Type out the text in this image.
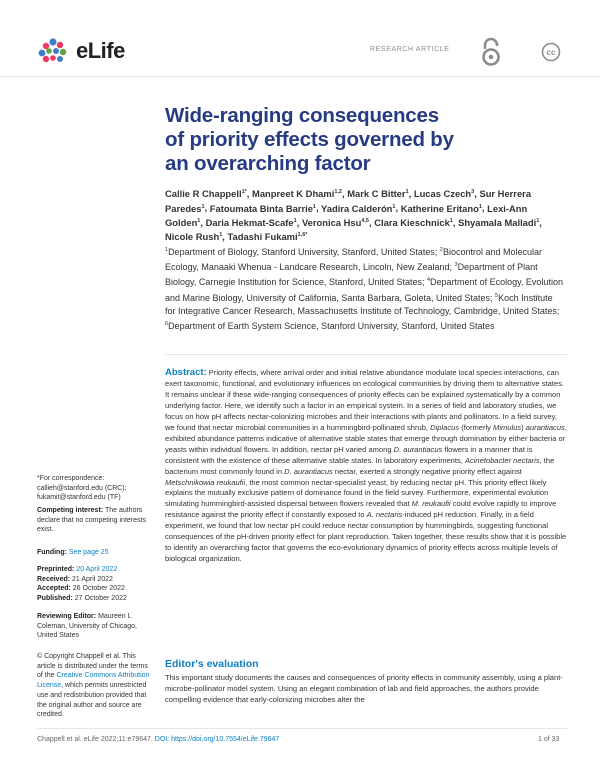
eLife	RESEARCH ARTICLE	cc
Wide-ranging consequences of priority effects governed by an overarching factor
Callie R Chappell$^{1*}$, Manpreet K Dhami$^{1,2}$, Mark C Bitter$^1$, Lucas Czech$^3$, Sur Herrera Paredes$^1$, Fatoumata Binta Barrie$^1$, Yadira Calderón$^1$, Katherine Eritano$^1$, Lexi-Ann Golden$^1$, Daria Hekmat-Scafe$^1$, Veronica Hsu$^{4,5}$, Clara Kieschnick$^1$, Shyamala Malladi$^1$, Nicole Rush$^1$, Tadashi Fukami$^{1,6*}$
$^1$Department of Biology, Stanford University, Stanford, United States; $^2$Biocontrol and Molecular Ecology, Manaaki Whenua - Landcare Research, Lincoln, New Zealand; $^3$Department of Plant Biology, Carnegie Institution for Science, Stanford, United States; $^4$Department of Ecology, Evolution and Marine Biology, University of California, Santa Barbara, Goleta, United States; $^5$Koch Institute for Integrative Cancer Research, Massachusetts Institute of Technology, Cambridge, United States; $^6$Department of Earth System Science, Stanford University, Stanford, United States
Abstract: Priority effects, where arrival order and initial relative abundance modulate local species interactions, can exert taxonomic, functional, and evolutionary influences on ecological communities by driving them to alternative states. It remains unclear if these wide-ranging consequences of priority effects can be explained systematically by a common underlying factor. Here, we identify such a factor in an empirical system. In a series of field and laboratory studies, we focus on how pH affects nectar-colonizing microbes and their interactions with plants and pollinators. In a field survey, we found that nectar microbial communities in a hummingbird-pollinated shrub, Diplacus (formerly Mimulus) aurantiacus, exhibited abundance patterns indicative of alternative stable states that emerge through domination by either bacteria or yeasts within individual flowers. In addition, nectar pH varied among D. aurantiacus flowers in a manner that is consistent with the existence of these alternative stable states. In laboratory experiments, Acinetobacter nectaris, the bacterium most commonly found in D. aurantiacus nectar, exerted a strongly negative priority effect against Metschnikowia reukaufii, the most common nectar-specialist yeast, by reducing nectar pH. This priority effect likely explains the mutually exclusive pattern of dominance found in the field survey. Furthermore, experimental evolution simulating hummingbird-assisted dispersal between flowers revealed that M. reukaufii could evolve rapidly to improve resistance against the priority effect if constantly exposed to A. nectaris-induced pH reduction. Finally, in a field experiment, we found that low nectar pH could reduce nectar consumption by hummingbirds, suggesting functional consequences of the pH-driven priority effect for plant reproduction. Taken together, these results show that it is possible to identify an overarching factor that governs the eco-evolutionary dynamics of priority effects across multiple levels of biological organization.
Editor's evaluation
This important study documents the causes and consequences of priority effects in community assembly, using a plant-microbe-pollinator model system. Using an elegant combination of lab and field approaches, the authors provide compelling evidence that early-colonizing microbes alter the
*For correspondence:
callieh@stanford.edu (CRC);
fukamit@stanford.edu (TF)
Competing interest: The authors declare that no competing interests exist.
Funding: See page 25
Preprinted: 20 April 2022
Received: 21 April 2022
Accepted: 26 October 2022
Published: 27 October 2022
Reviewing Editor: Maureen L Coleman, University of Chicago, United States
© Copyright Chappell et al. This article is distributed under the terms of the Creative Commons Attribution License, which permits unrestricted use and redistribution provided that the original author and source are credited.
Chappell et al. eLife 2022;11:e79647. DOI: https://doi.org/10.7554/eLife.79647	1 of 33
